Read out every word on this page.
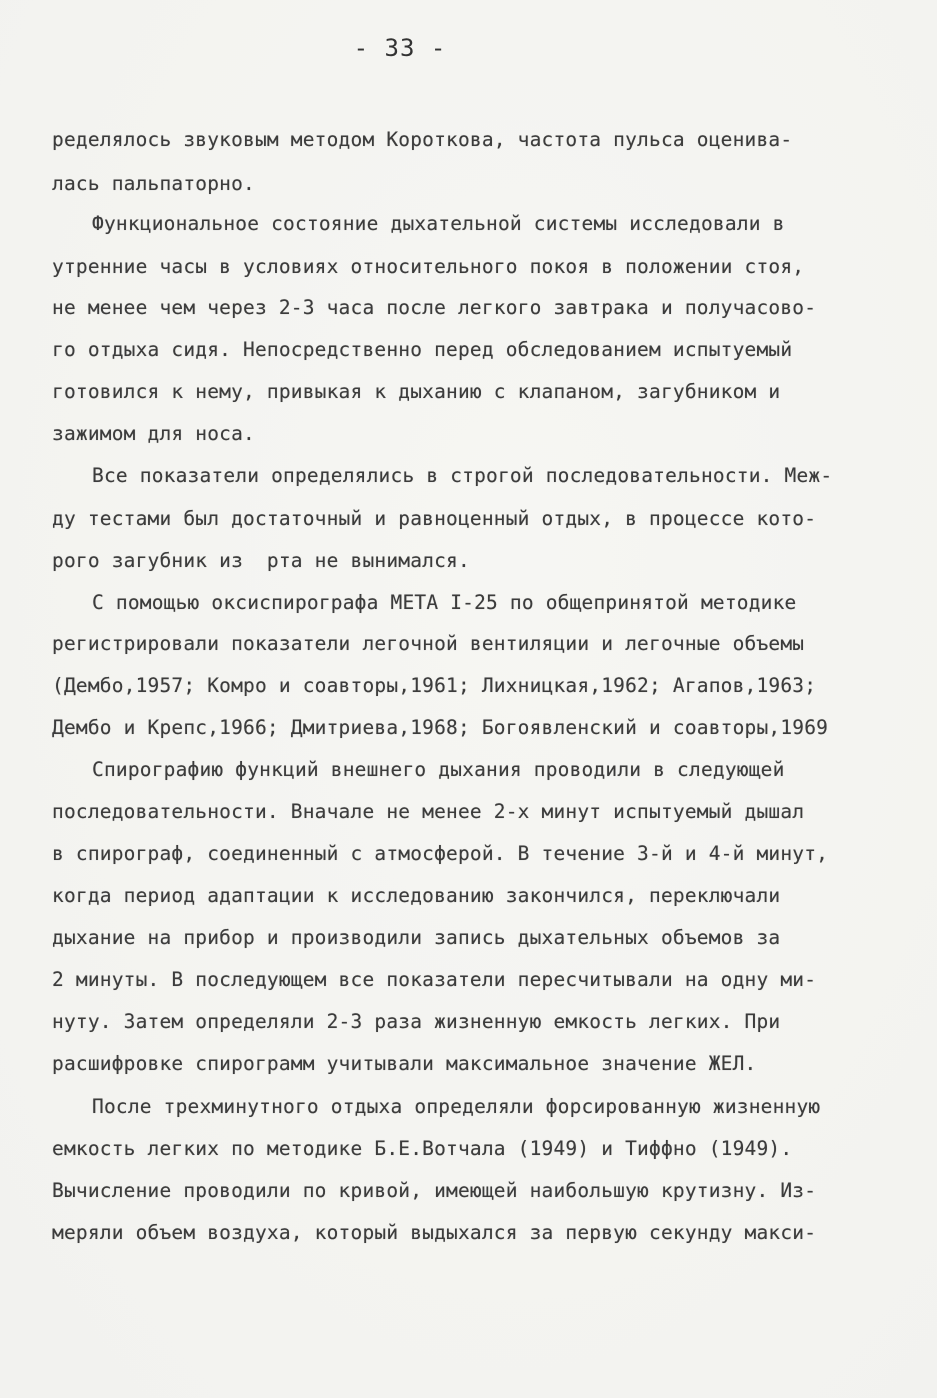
- 33 -
ределялось звуковым методом Короткова, частота пульса оценива-
лась пальпаторно.
Функциональное состояние дыхательной системы исследовали в
утренние часы в условиях относительного покоя в положении стоя,
не менее чем через 2-3 часа после легкого завтрака и получасово-
го отдыха сидя. Непосредственно перед обследованием испытуемый
готовился к нему, привыкая к дыханию с клапаном, загубником и
зажимом для носа.
Все показатели определялись в строгой последовательности. Меж-
ду тестами был достаточный и равноценный отдых, в процессе кото-
рого загубник из  рта не вынимался.
С помощью оксиспирографа МЕТА I-25 по общепринятой методике
регистрировали показатели легочной вентиляции и легочные объемы
(Дембо,1957; Комро и соавторы,1961; Лихницкая,1962; Агапов,1963;
Дембо и Крепс,1966; Дмитриева,1968; Богоявленский и соавторы,1969
Спирографию функций внешнего дыхания проводили в следующей
последовательности. Вначале не менее 2-х минут испытуемый дышал
в спирограф, соединенный с атмосферой. В течение 3-й и 4-й минут,
когда период адаптации к исследованию закончился, переключали
дыхание на прибор и производили запись дыхательных объемов за
2 минуты. В последующем все показатели пересчитывали на одну ми-
нуту. Затем определяли 2-3 раза жизненную емкость легких. При
расшифровке спирограмм учитывали максимальное значение ЖЕЛ.
После трехминутного отдыха определяли форсированную жизненную
емкость легких по методике Б.Е.Вотчала (1949) и Тиффно (1949).
Вычисление проводили по кривой, имеющей наибольшую крутизну. Из-
меряли объем воздуха, который выдыхался за первую секунду макси-
